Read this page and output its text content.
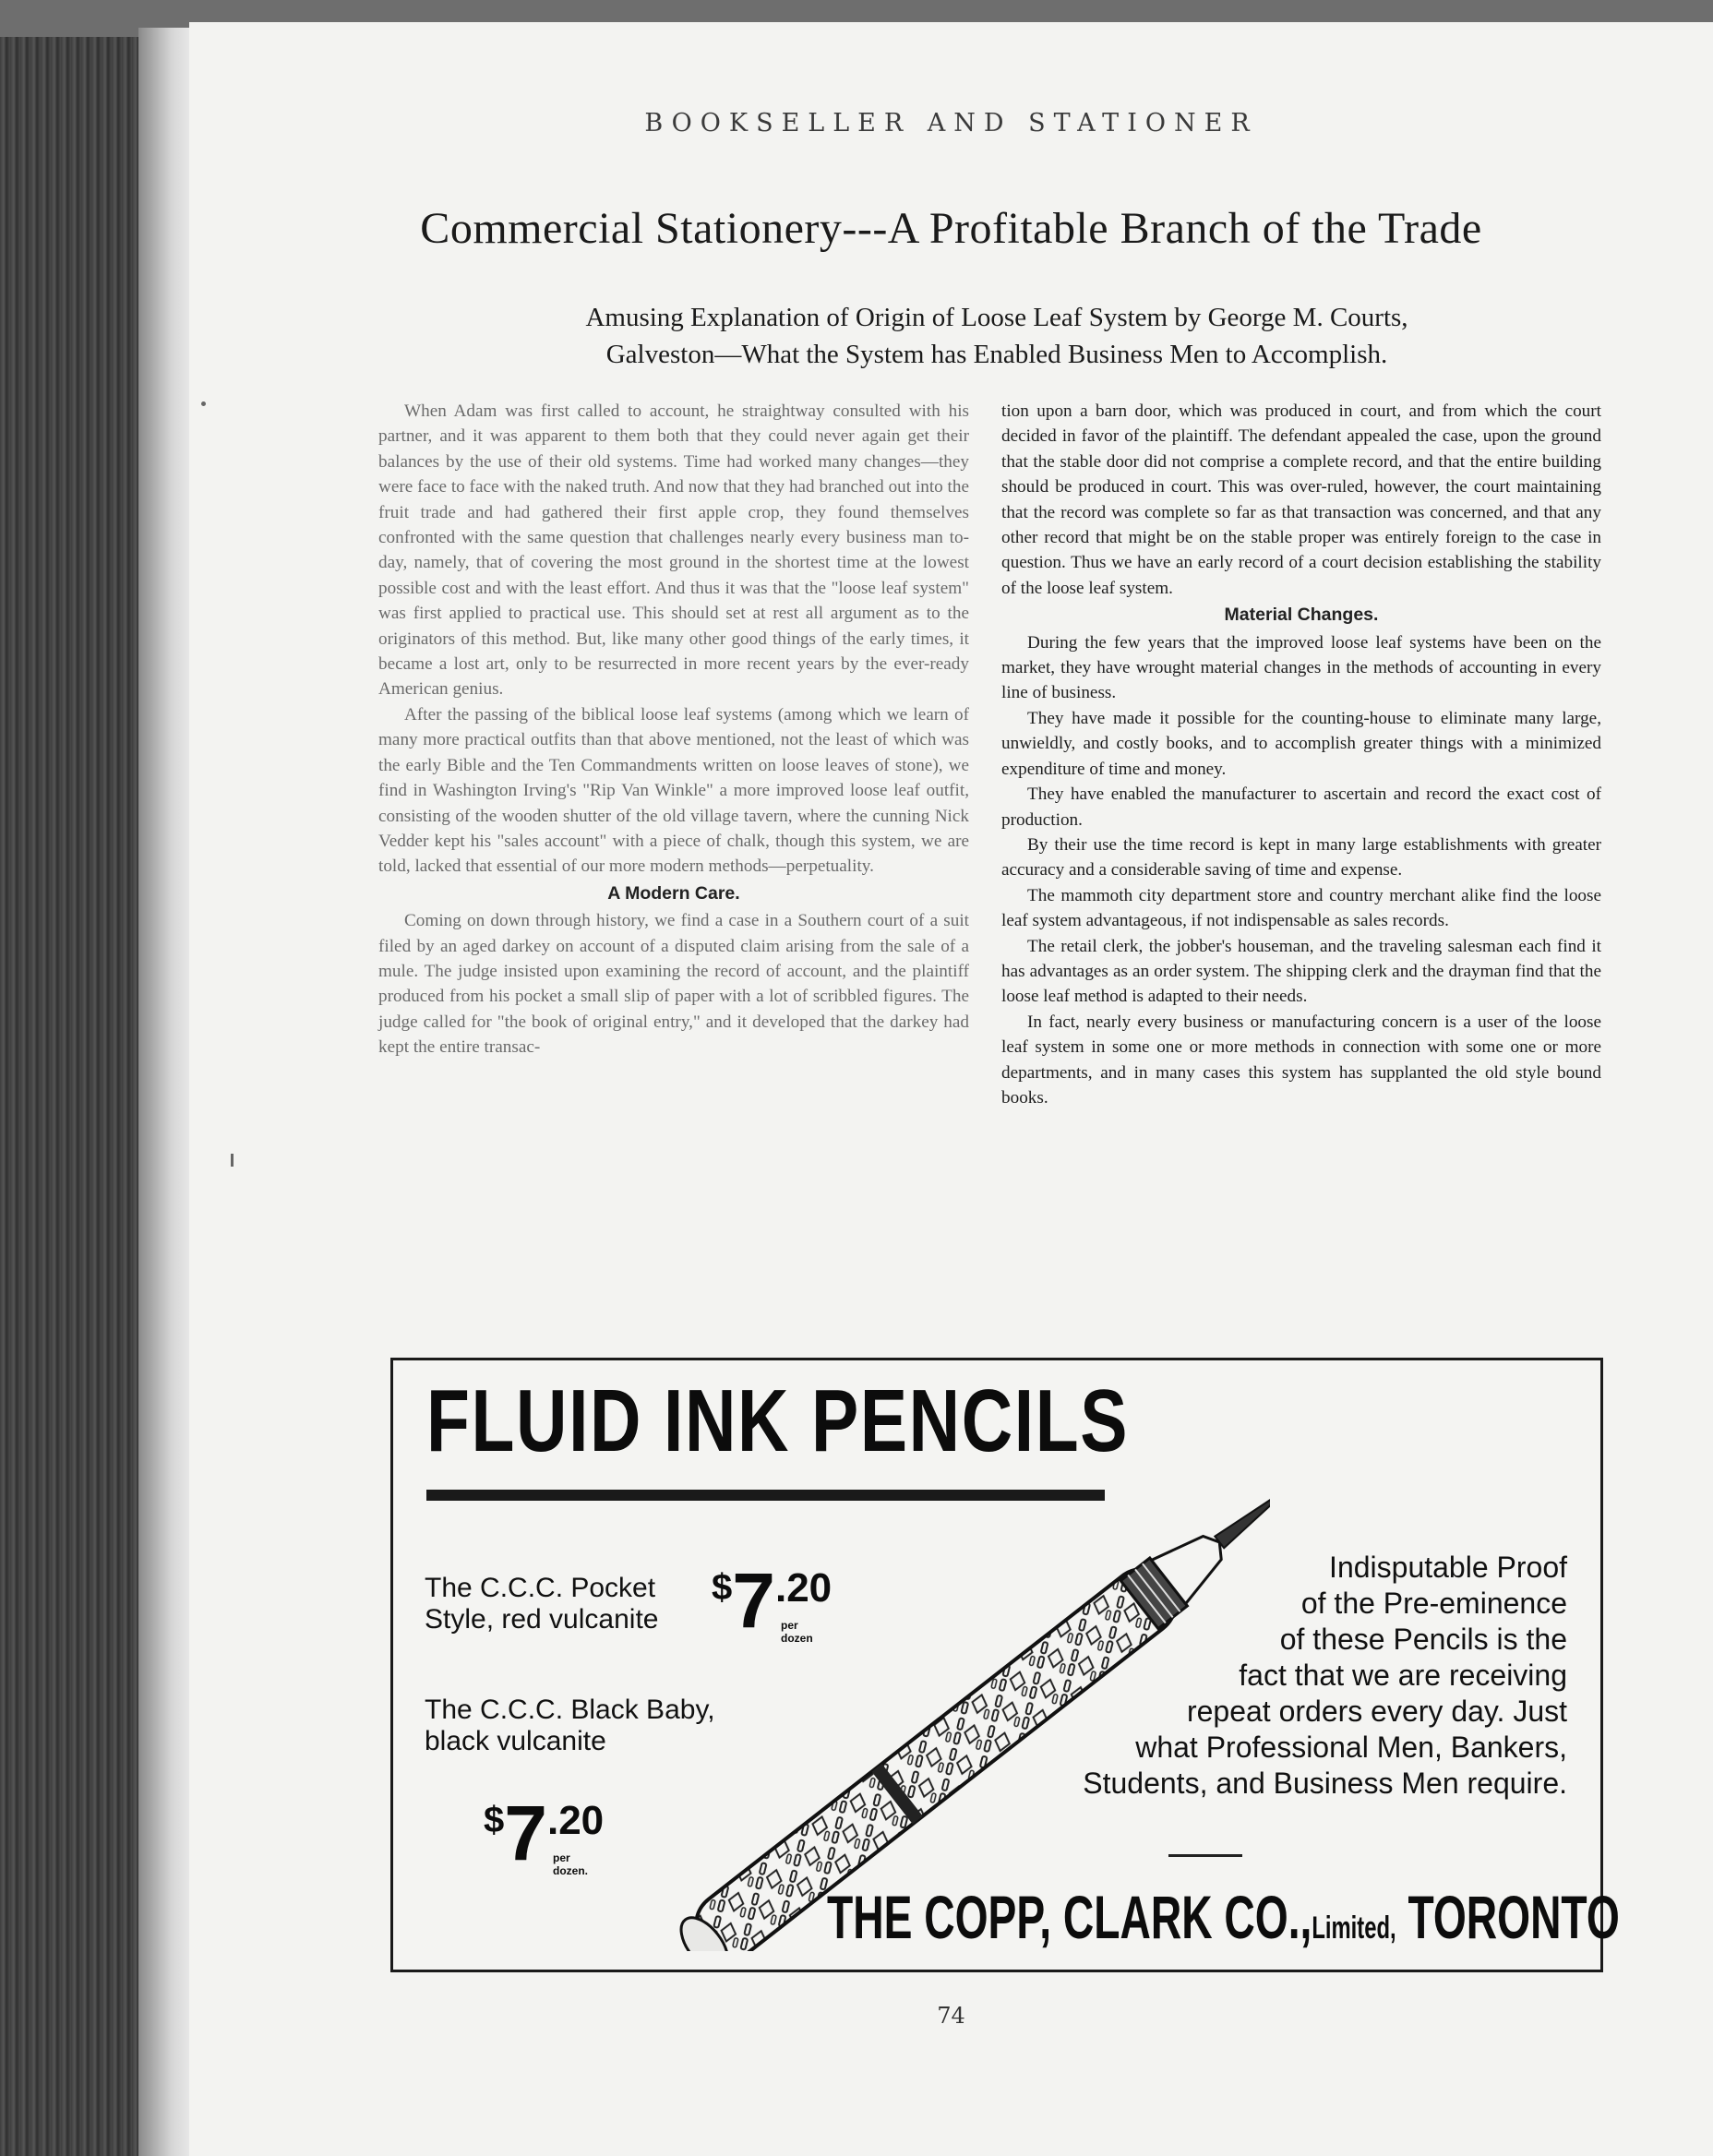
BOOKSELLER AND STATIONER
Commercial Stationery---A Profitable Branch of the Trade
Amusing Explanation of Origin of Loose Leaf System by George M. Courts,
Galveston—What the System has Enabled Business Men to Accomplish.

When Adam was first called to account, he straightway consulted with his partner, and it was apparent to them both that they could never again get their balances by the use of their old systems. Time had worked many changes—they were face to face with the naked truth. And now that they had branched out into the fruit trade and had gathered their first apple crop, they found themselves confronted with the same question that challenges nearly every business man to-day, namely, that of covering the most ground in the shortest time at the lowest possible cost and with the least effort. And thus it was that the "loose leaf system" was first applied to practical use. This should set at rest all argument as to the originators of this method. But, like many other good things of the early times, it became a lost art, only to be resurrected in more recent years by the ever-ready American genius.

After the passing of the biblical loose leaf systems (among which we learn of many more practical outfits than that above mentioned, not the least of which was the early Bible and the Ten Commandments written on loose leaves of stone), we find in Washington Irving's "Rip Van Winkle" a more improved loose leaf outfit, consisting of the wooden shutter of the old village tavern, where the cunning Nick Vedder kept his "sales account" with a piece of chalk, though this system, we are told, lacked that essential of our more modern methods—perpetuality.

A Modern Care.

Coming on down through history, we find a case in a Southern court of a suit filed by an aged darkey on account of a disputed claim arising from the sale of a mule. The judge insisted upon examining the record of account, and the plaintiff produced from his pocket a small slip of paper with a lot of scribbled figures. The judge called for "the book of original entry," and it developed that the darkey had kept the entire transac-

tion upon a barn door, which was produced in court, and from which the court decided in favor of the plaintiff. The defendant appealed the case, upon the ground that the stable door did not comprise a complete record, and that the entire building should be produced in court. This was over-ruled, however, the court maintaining that the record was complete so far as that transaction was concerned, and that any other record that might be on the stable proper was entirely foreign to the case in question. Thus we have an early record of a court decision establishing the stability of the loose leaf system.

Material Changes.

During the few years that the improved loose leaf systems have been on the market, they have wrought material changes in the methods of accounting in every line of business.

They have made it possible for the counting-house to eliminate many large, unwieldly, and costly books, and to accomplish greater things with a minimized expenditure of time and money.

They have enabled the manufacturer to ascertain and record the exact cost of production.

By their use the time record is kept in many large establishments with greater accuracy and a considerable saving of time and expense.

The mammoth city department store and country merchant alike find the loose leaf system advantageous, if not indispensable as sales records.

The retail clerk, the jobber's houseman, and the traveling salesman each find it has advantages as an order system. The shipping clerk and the drayman find that the loose leaf method is adapted to their needs.

In fact, nearly every business or manufacturing concern is a user of the loose leaf system in some one or more methods in connection with some one or more departments, and in many cases this system has supplanted the old style bound books.

FLUID INK PENCILS
The C.C.C. Pocket
Style, red vulcanite
$7.20
per dozen
The C.C.C. Black Baby,
black vulcanite
$7.20
per dozen.
Indisputable Proof
of the Pre-eminence
of these Pencils is the
fact that we are receiving
repeat orders every day. Just
what Professional Men, Bankers,
Students, and Business Men require.
THE COPP, CLARK CO.,Limited, TORONTO
74
